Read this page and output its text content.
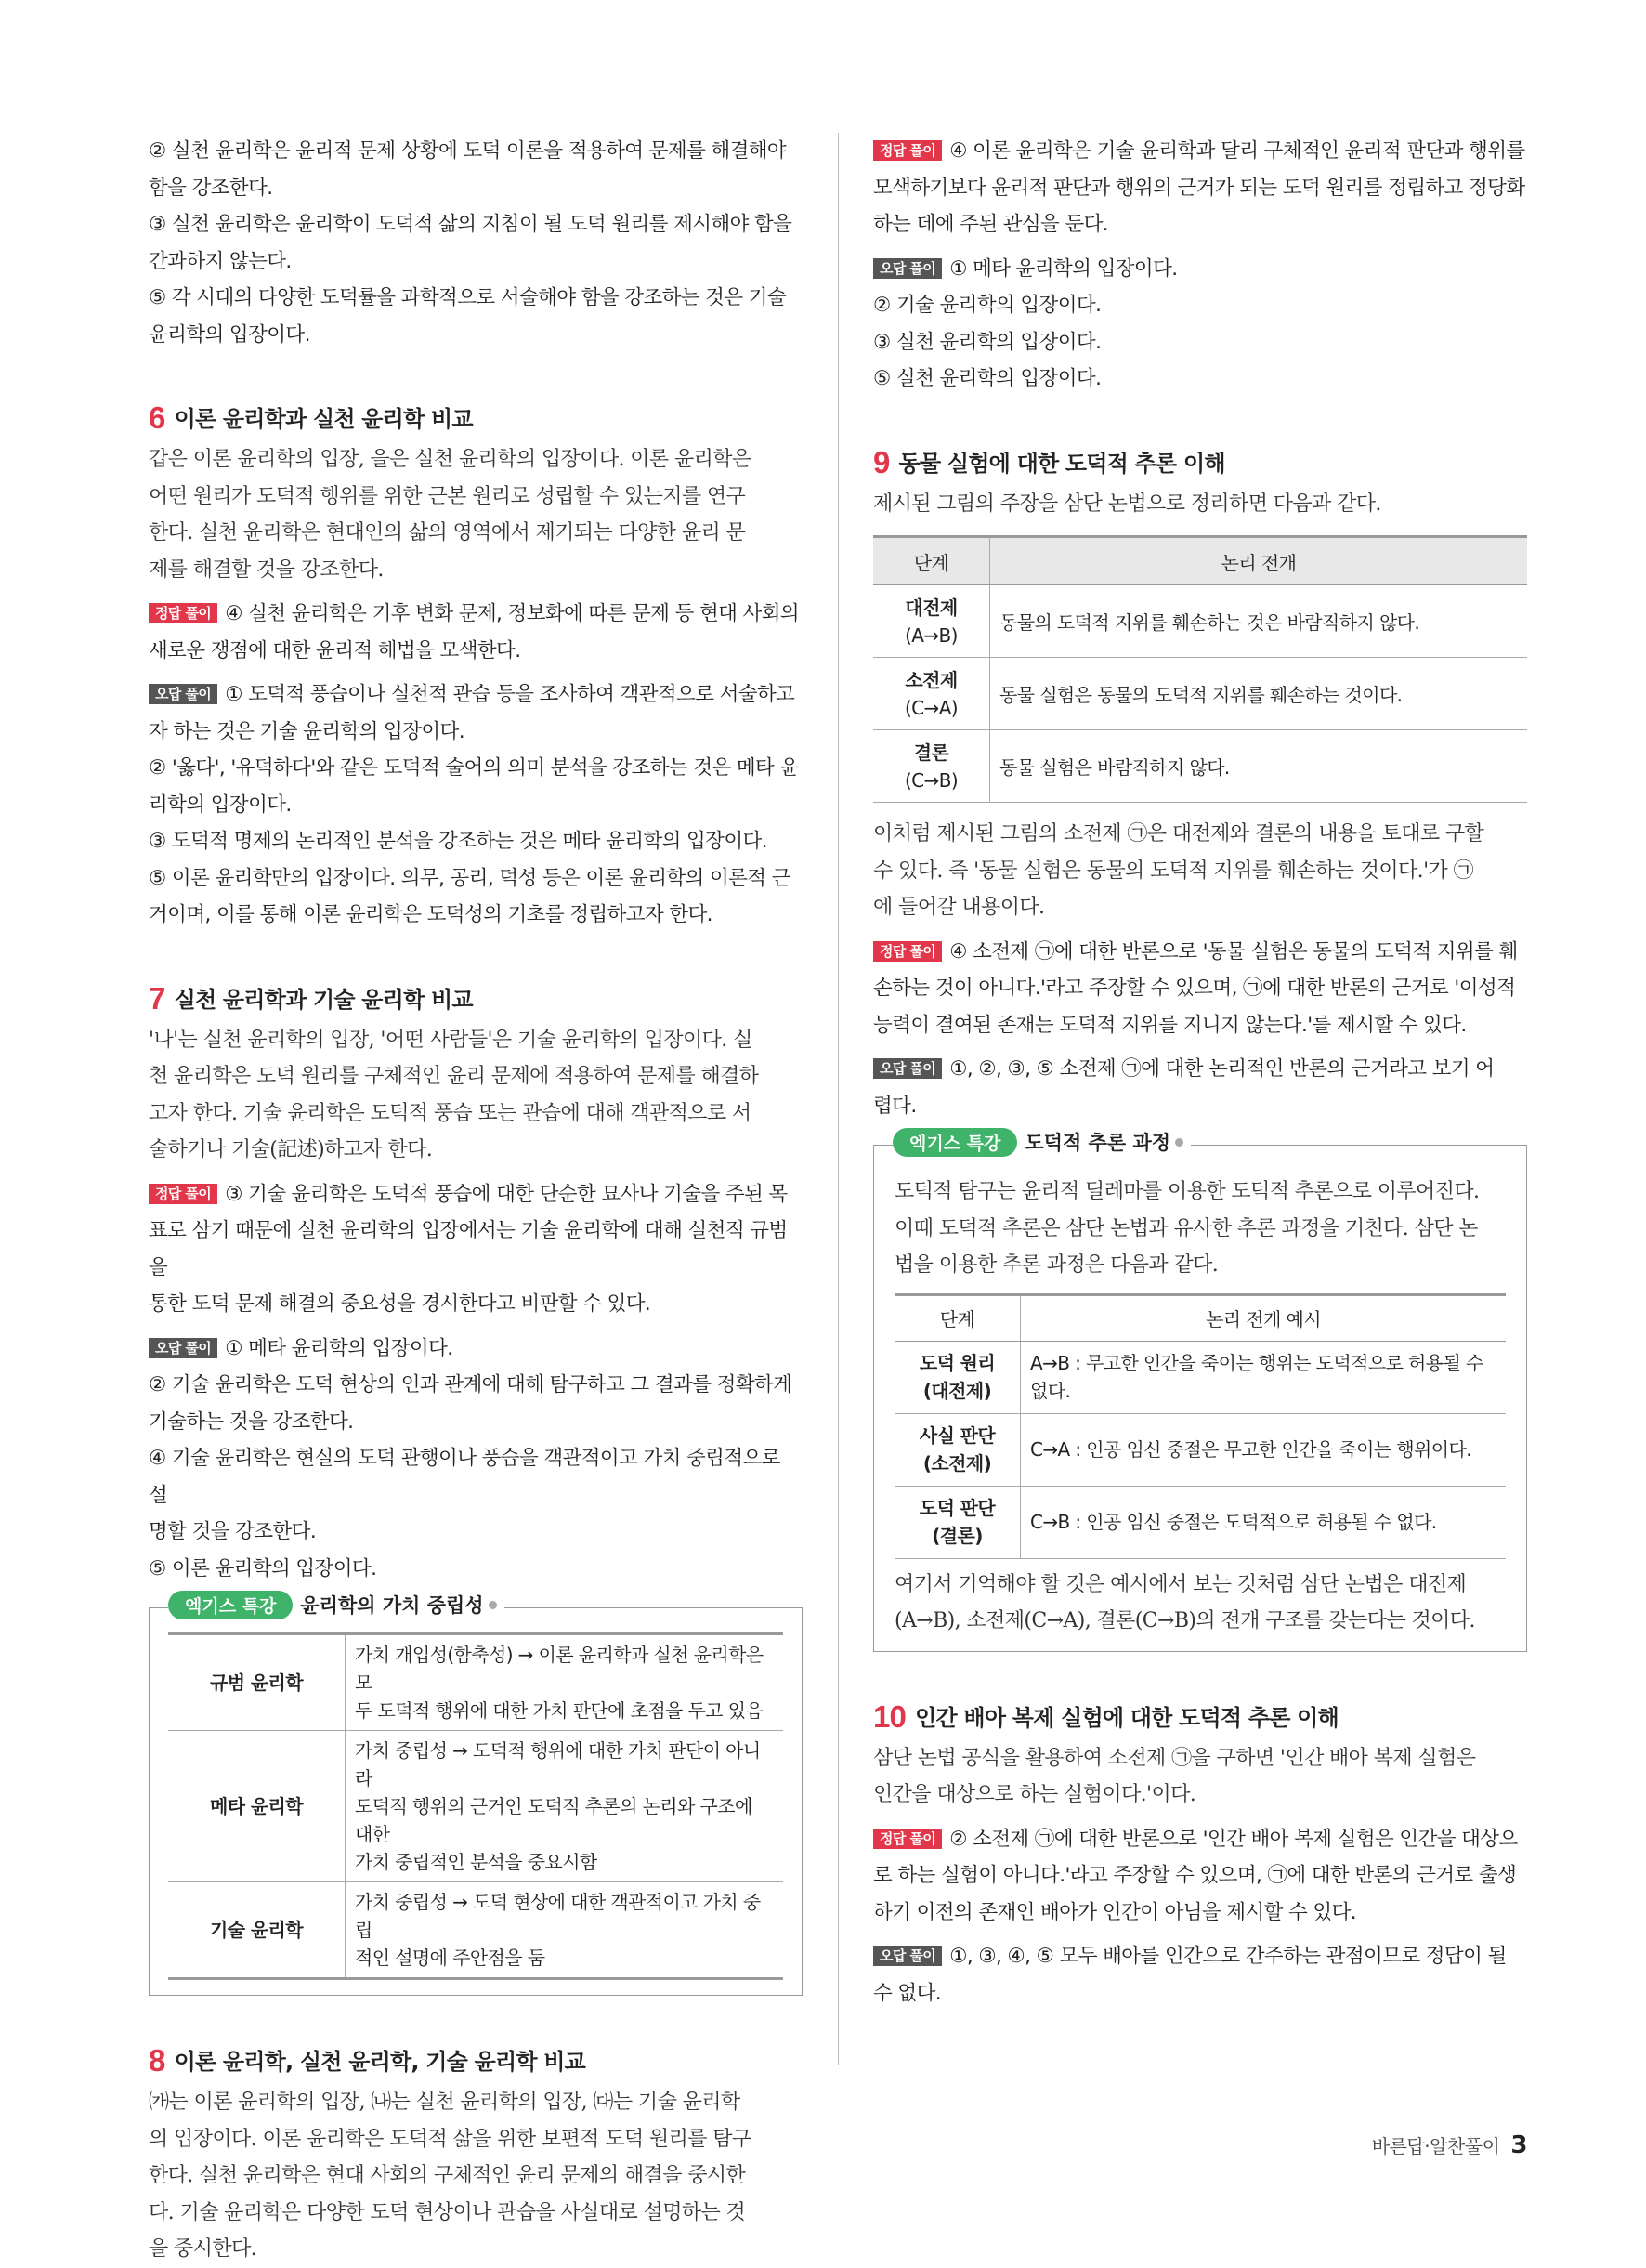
② 실천 윤리학은 윤리적 문제 상황에 도덕 이론을 적용하여 문제를 해결해야

함을 강조한다.

③ 실천 윤리학은 윤리학이 도덕적 삶의 지침이 될 도덕 원리를 제시해야 함을

간과하지 않는다.

⑤ 각 시대의 다양한 도덕률을 과학적으로 서술해야 함을 강조하는 것은 기술

윤리학의 입장이다.

6 이론 윤리학과 실천 윤리학 비교

갑은 이론 윤리학의 입장, 을은 실천 윤리학의 입장이다. 이론 윤리학은

어떤 원리가 도덕적 행위를 위한 근본 원리로 성립할 수 있는지를 연구

한다. 실천 윤리학은 현대인의 삶의 영역에서 제기되는 다양한 윤리 문

제를 해결할 것을 강조한다.

정답 풀이 ④ 실천 윤리학은 기후 변화 문제, 정보화에 따른 문제 등 현대 사회의

새로운 쟁점에 대한 윤리적 해법을 모색한다.

오답 풀이 ① 도덕적 풍습이나 실천적 관습 등을 조사하여 객관적으로 서술하고

자 하는 것은 기술 윤리학의 입장이다.

② '옳다', '유덕하다'와 같은 도덕적 술어의 의미 분석을 강조하는 것은 메타 윤

리학의 입장이다.

③ 도덕적 명제의 논리적인 분석을 강조하는 것은 메타 윤리학의 입장이다.

⑤ 이론 윤리학만의 입장이다. 의무, 공리, 덕성 등은 이론 윤리학의 이론적 근

거이며, 이를 통해 이론 윤리학은 도덕성의 기초를 정립하고자 한다.

7 실천 윤리학과 기술 윤리학 비교

'나'는 실천 윤리학의 입장, '어떤 사람들'은 기술 윤리학의 입장이다. 실

천 윤리학은 도덕 원리를 구체적인 윤리 문제에 적용하여 문제를 해결하

고자 한다. 기술 윤리학은 도덕적 풍습 또는 관습에 대해 객관적으로 서

술하거나 기술(記述)하고자 한다.

정답 풀이 ③ 기술 윤리학은 도덕적 풍습에 대한 단순한 묘사나 기술을 주된 목

표로 삼기 때문에 실천 윤리학의 입장에서는 기술 윤리학에 대해 실천적 규범을

통한 도덕 문제 해결의 중요성을 경시한다고 비판할 수 있다.

오답 풀이 ① 메타 윤리학의 입장이다.

② 기술 윤리학은 도덕 현상의 인과 관계에 대해 탐구하고 그 결과를 정확하게

기술하는 것을 강조한다.

④ 기술 윤리학은 현실의 도덕 관행이나 풍습을 객관적이고 가치 중립적으로 설

명할 것을 강조한다.

⑤ 이론 윤리학의 입장이다.

엑기스 특강 윤리학의 가치 중립성
규범 윤리학	가치 개입성(함축성) → 이론 윤리학과 실천 윤리학은 모
두 도덕적 행위에 대한 가치 판단에 초점을 두고 있음

메타 윤리학	가치 중립성 → 도덕적 행위에 대한 가치 판단이 아니라
도덕적 행위의 근거인 도덕적 추론의 논리와 구조에 대한
가치 중립적인 분석을 중요시함

기술 윤리학	가치 중립성 → 도덕 현상에 대한 객관적이고 가치 중립
적인 설명에 주안점을 둠
8 이론 윤리학, 실천 윤리학, 기술 윤리학 비교

㈎는 이론 윤리학의 입장, ㈏는 실천 윤리학의 입장, ㈐는 기술 윤리학

의 입장이다. 이론 윤리학은 도덕적 삶을 위한 보편적 도덕 원리를 탐구

한다. 실천 윤리학은 현대 사회의 구체적인 윤리 문제의 해결을 중시한

다. 기술 윤리학은 다양한 도덕 현상이나 관습을 사실대로 설명하는 것

을 중시한다.

정답 풀이 ④ 이론 윤리학은 기술 윤리학과 달리 구체적인 윤리적 판단과 행위를

모색하기보다 윤리적 판단과 행위의 근거가 되는 도덕 원리를 정립하고 정당화

하는 데에 주된 관심을 둔다.

오답 풀이 ① 메타 윤리학의 입장이다.

② 기술 윤리학의 입장이다.

③ 실천 윤리학의 입장이다.

⑤ 실천 윤리학의 입장이다.

9 동물 실험에 대한 도덕적 추론 이해

제시된 그림의 주장을 삼단 논법으로 정리하면 다음과 같다.

단계	논리 전개

대전제
(A→B)	동물의 도덕적 지위를 훼손하는 것은 바람직하지 않다.

소전제
(C→A)	동물 실험은 동물의 도덕적 지위를 훼손하는 것이다.

결론
(C→B)	동물 실험은 바람직하지 않다.

이처럼 제시된 그림의 소전제 ㉠은 대전제와 결론의 내용을 토대로 구할

수 있다. 즉 '동물 실험은 동물의 도덕적 지위를 훼손하는 것이다.'가 ㉠

에 들어갈 내용이다.

정답 풀이 ④ 소전제 ㉠에 대한 반론으로 '동물 실험은 동물의 도덕적 지위를 훼

손하는 것이 아니다.'라고 주장할 수 있으며, ㉠에 대한 반론의 근거로 '이성적

능력이 결여된 존재는 도덕적 지위를 지니지 않는다.'를 제시할 수 있다.

오답 풀이 ①, ②, ③, ⑤ 소전제 ㉠에 대한 논리적인 반론의 근거라고 보기 어

렵다.

엑기스 특강 도덕적 추론 과정

도덕적 탐구는 윤리적 딜레마를 이용한 도덕적 추론으로 이루어진다.

이때 도덕적 추론은 삼단 논법과 유사한 추론 과정을 거친다. 삼단 논

법을 이용한 추론 과정은 다음과 같다.

단계	논리 전개 예시

도덕 원리
(대전제)	A→B : 무고한 인간을 죽이는 행위는 도덕적으로 허용될 수 없다.

사실 판단
(소전제)	C→A : 인공 임신 중절은 무고한 인간을 죽이는 행위이다.

도덕 판단
(결론)	C→B : 인공 임신 중절은 도덕적으로 허용될 수 없다.

여기서 기억해야 할 것은 예시에서 보는 것처럼 삼단 논법은 대전제

(A→B), 소전제(C→A), 결론(C→B)의 전개 구조를 갖는다는 것이다.

10 인간 배아 복제 실험에 대한 도덕적 추론 이해

삼단 논법 공식을 활용하여 소전제 ㉠을 구하면 '인간 배아 복제 실험은

인간을 대상으로 하는 실험이다.'이다.

정답 풀이 ② 소전제 ㉠에 대한 반론으로 '인간 배아 복제 실험은 인간을 대상으

로 하는 실험이 아니다.'라고 주장할 수 있으며, ㉠에 대한 반론의 근거로 출생

하기 이전의 존재인 배아가 인간이 아님을 제시할 수 있다.

오답 풀이 ①, ③, ④, ⑤ 모두 배아를 인간으로 간주하는 관점이므로 정답이 될

수 없다.

바른답·알찬풀이 3
